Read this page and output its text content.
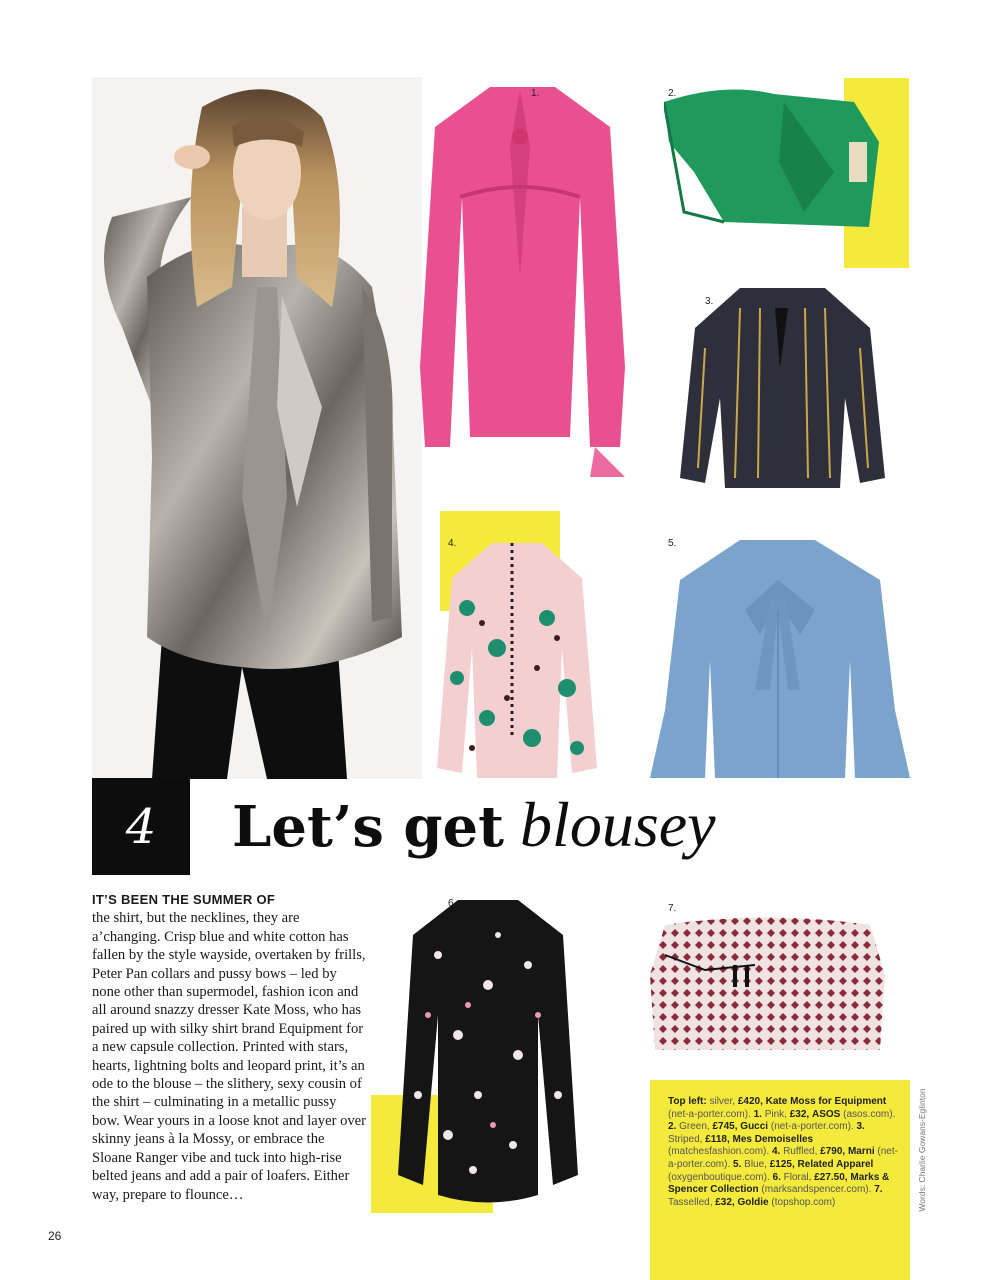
1.	2.
3.
4.	5.
4 Let’s get blousey
IT’S BEEN THE SUMMER OF
the shirt, but the necklines, they are a’changing. Crisp blue and white cotton has fallen by the style wayside, overtaken by frills, Peter Pan collars and pussy bows – led by none other than supermodel, fashion icon and all around snazzy dresser Kate Moss, who has paired up with silky shirt brand Equipment for a new capsule collection. Printed with stars, hearts, lightning bolts and leopard print, it’s an ode to the blouse – the slithery, sexy cousin of the shirt – culminating in a metallic pussy bow. Wear yours in a loose knot and layer over skinny jeans à la Mossy, or embrace the Sloane Ranger vibe and tuck into high-rise belted jeans and add a pair of loafers. Either way, prepare to flounce…
6.	7.
Top left: silver, £420, Kate Moss for Equipment (net-a-porter.com). 1. Pink, £32, ASOS (asos.com). 2. Green, £745, Gucci (net-a-porter.com). 3. Striped, £118, Mes Demoiselles (matchesfashion.com). 4. Ruffled, £790, Marni (net-a-porter.com). 5. Blue, £125, Related Apparel (oxygenboutique.com). 6. Floral, £27.50, Marks & Spencer Collection (marksandspencer.com). 7. Tasselled, £32, Goldie (topshop.com)	Words: Charlie Gowans-Eglinton
26
